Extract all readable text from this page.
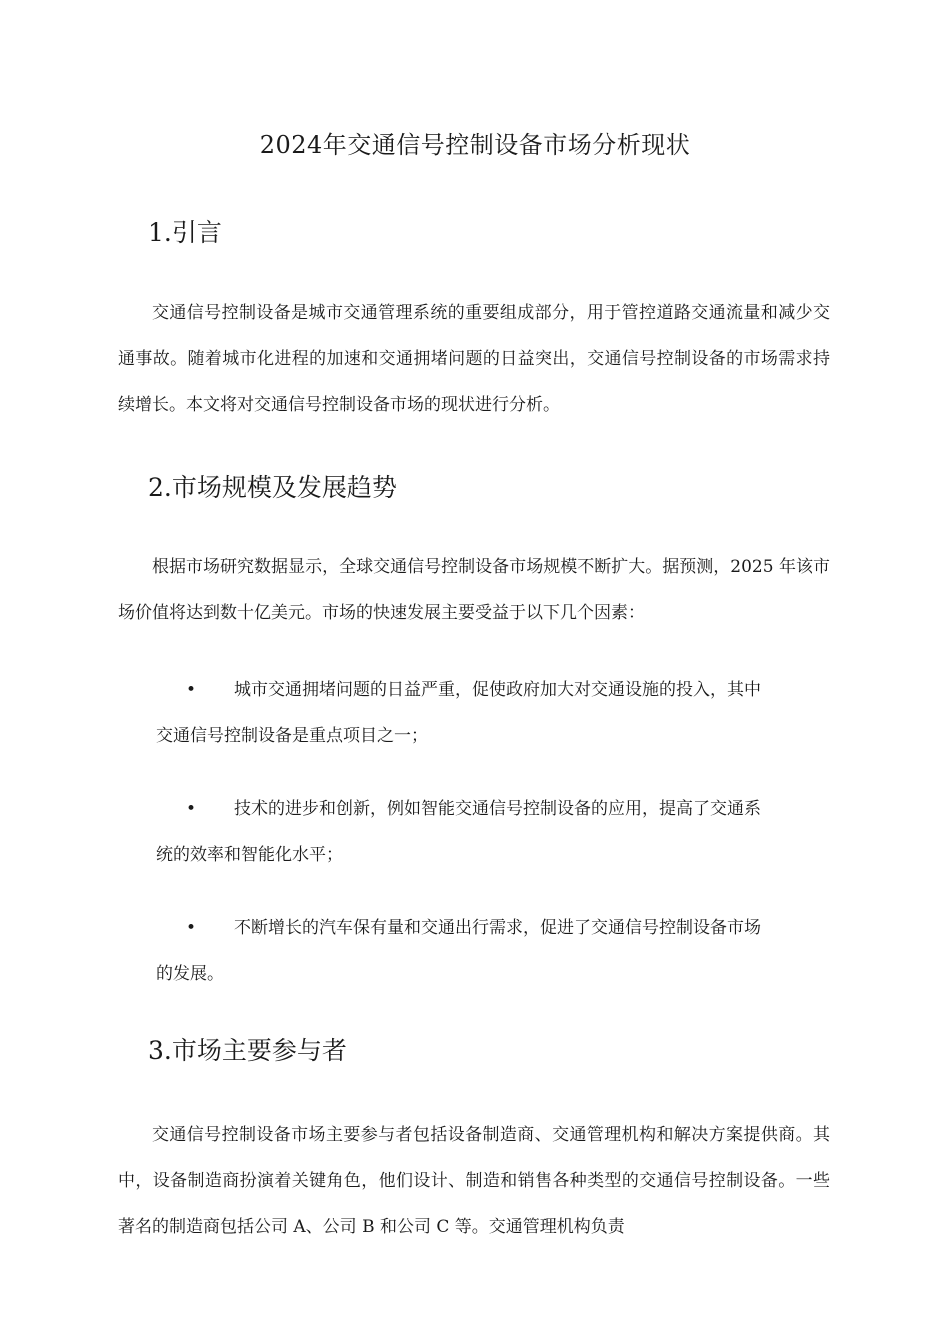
2024年交通信号控制设备市场分析现状
1.引言

交通信号控制设备是城市交通管理系统的重要组成部分，用于管控道路交通流量和减少交通事故。随着城市化进程的加速和交通拥堵问题的日益突出，交通信号控制设备的市场需求持续增长。本文将对交通信号控制设备市场的现状进行分析。

2.市场规模及发展趋势

根据市场研究数据显示，全球交通信号控制设备市场规模不断扩大。据预测，2025 年该市场价值将达到数十亿美元。市场的快速发展主要受益于以下几个因素：

•	城市交通拥堵问题的日益严重，促使政府加大对交通设施的投入，其中
交通信号控制设备是重点项目之一；
•	技术的进步和创新，例如智能交通信号控制设备的应用，提高了交通系
统的效率和智能化水平；
•	不断增长的汽车保有量和交通出行需求，促进了交通信号控制设备市场
的发展。
3.市场主要参与者

交通信号控制设备市场主要参与者包括设备制造商、交通管理机构和解决方案提供商。其中，设备制造商扮演着关键角色，他们设计、制造和销售各种类型的交通信号控制设备。一些著名的制造商包括公司 A、公司 B 和公司 C 等。交通管理机构负责
